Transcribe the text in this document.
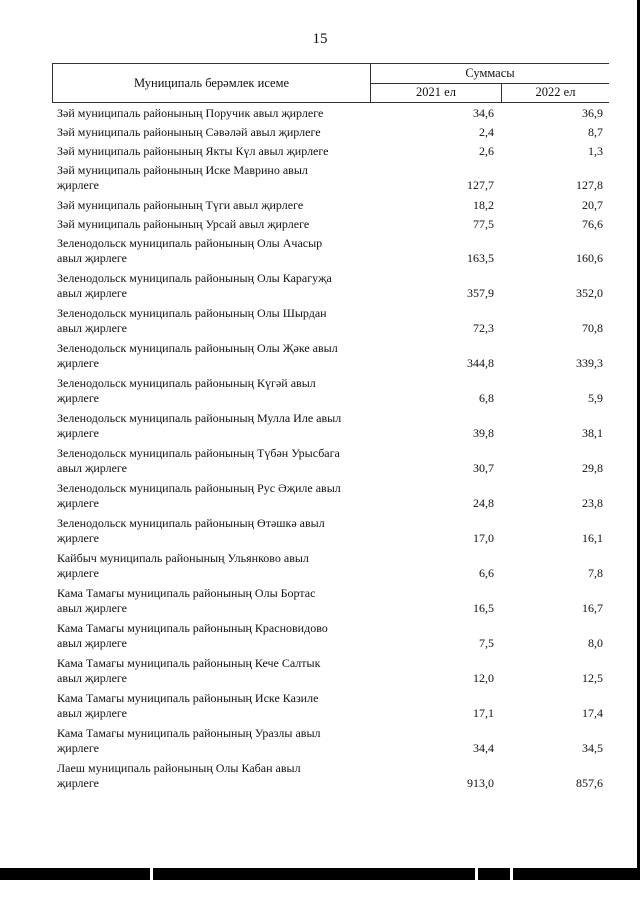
15
Муниципаль берәмлек исеме
Суммасы
2021 ел	2022 ел
Зәй муниципаль районының Поручик авыл җирлеге	34,6	36,9
Зәй муниципаль районының Сәвәләй авыл җирлеге	2,4	8,7
Зәй муниципаль районының Якты Күл авыл җирлеге	2,6	1,3
Зәй муниципаль районының Иске Маврино авыл
җирлеге	127,7	127,8
Зәй муниципаль районының Түги авыл җирлеге	18,2	20,7
Зәй муниципаль районының Урсай авыл җирлеге	77,5	76,6
Зеленодольск муниципаль районының Олы Ачасыр
авыл җирлеге	163,5	160,6
Зеленодольск муниципаль районының Олы Карагуҗа
авыл җирлеге	357,9	352,0
Зеленодольск муниципаль районының Олы Шырдан
авыл җирлеге	72,3	70,8
Зеленодольск муниципаль районының Олы Җәке авыл
җирлеге	344,8	339,3
Зеленодольск муниципаль районының Күгәй авыл
җирлеге	6,8	5,9
Зеленодольск муниципаль районының Мулла Иле авыл
җирлеге	39,8	38,1
Зеленодольск муниципаль районының Түбән Урысбага
авыл җирлеге	30,7	29,8
Зеленодольск муниципаль районының Рус Әҗиле авыл
җирлеге	24,8	23,8
Зеленодольск муниципаль районының Өтәшкә авыл
җирлеге	17,0	16,1
Кайбыч муниципаль районының Ульянково авыл
җирлеге	6,6	7,8
Кама Тамагы муниципаль районының Олы Бортас
авыл җирлеге	16,5	16,7
Кама Тамагы муниципаль районының Красновидово
авыл җирлеге	7,5	8,0
Кама Тамагы муниципаль районының Кече Салтык
авыл җирлеге	12,0	12,5
Кама Тамагы муниципаль районының Иске Казиле
авыл җирлеге	17,1	17,4
Кама Тамагы муниципаль районының Уразлы авыл
җирлеге	34,4	34,5
Лаеш муниципаль районының Олы Кабан авыл
җирлеге	913,0	857,6
